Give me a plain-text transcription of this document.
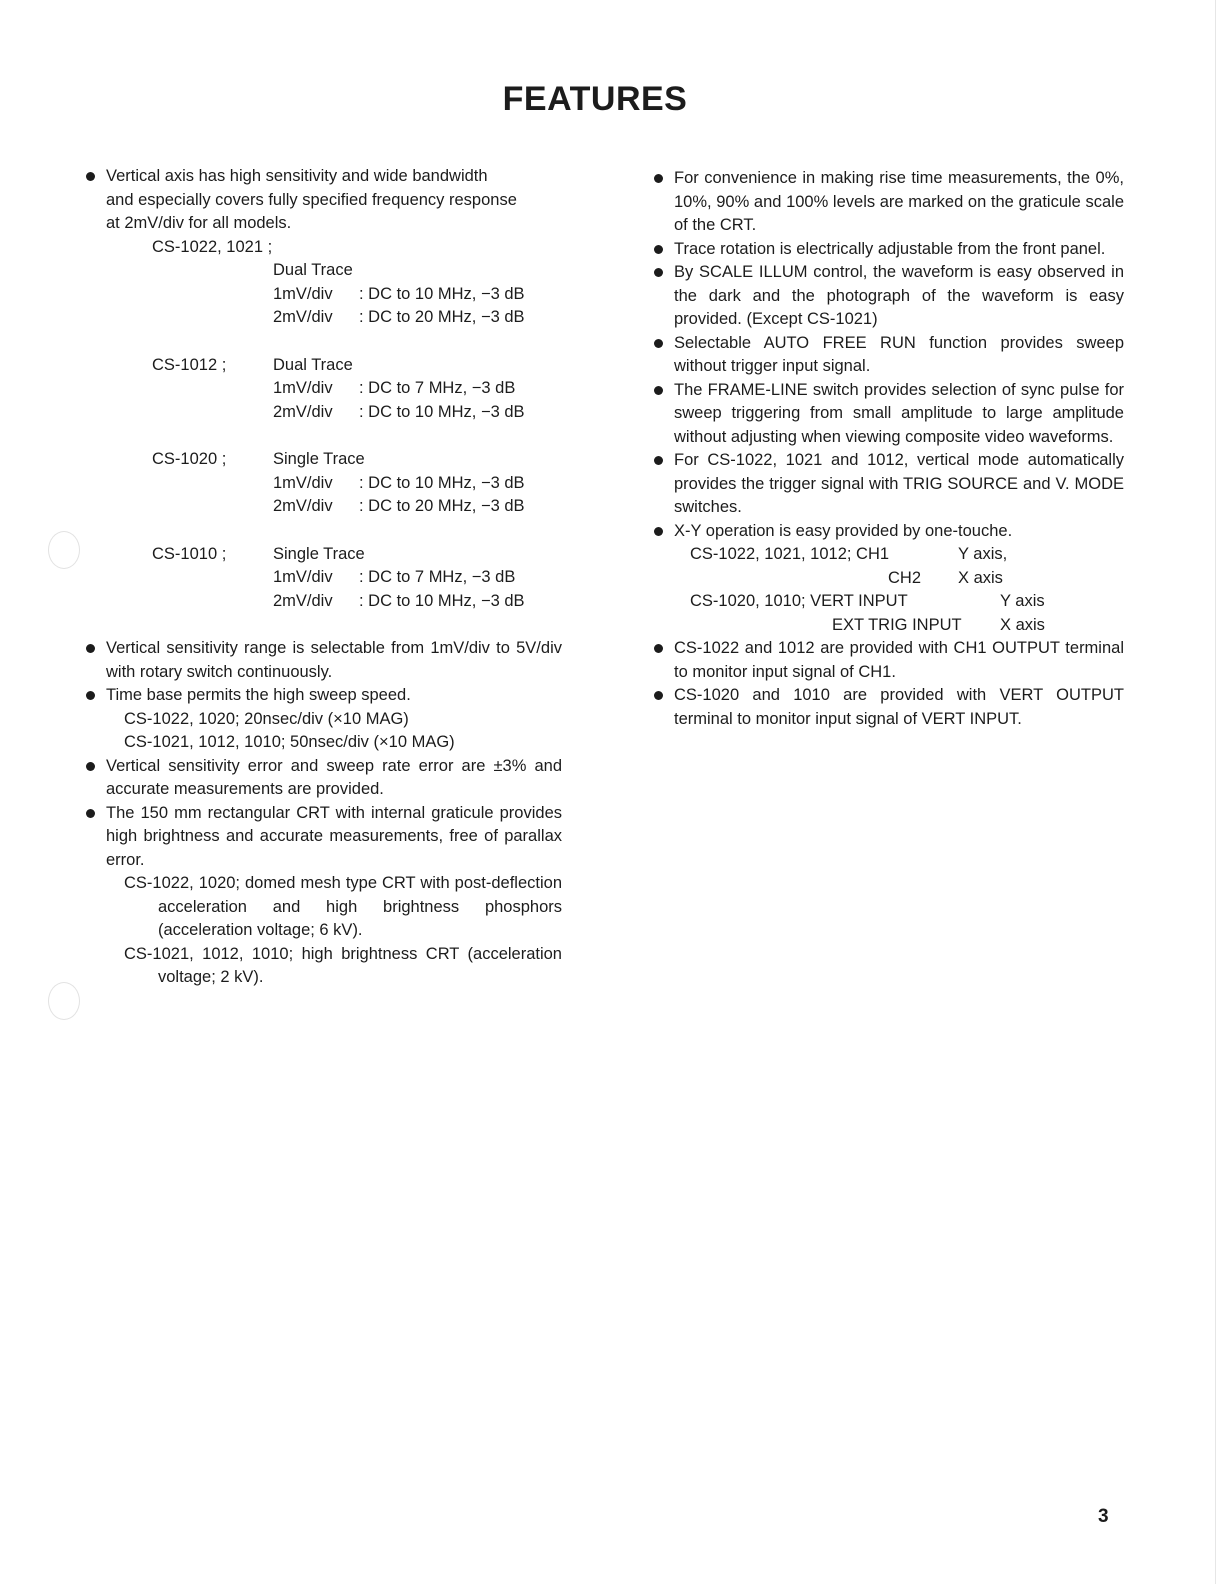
FEATURES
Vertical axis has high sensitivity and wide bandwidth
and especially covers fully specified frequency response
at 2mV/div for all models.
CS-1022, 1021 ;
Dual Trace
1mV/div	: DC to 10 MHz, −3 dB
2mV/div	: DC to 20 MHz, −3 dB
CS-1012 ;	Dual Trace
1mV/div	: DC to 7 MHz, −3 dB
2mV/div	: DC to 10 MHz, −3 dB
CS-1020 ;	Single Trace
1mV/div	: DC to 10 MHz, −3 dB
2mV/div	: DC to 20 MHz, −3 dB
CS-1010 ;	Single Trace
1mV/div	: DC to 7 MHz, −3 dB
2mV/div	: DC to 10 MHz, −3 dB
Vertical sensitivity range is selectable from 1mV/div to 5V/div with rotary switch continuously.
Time base permits the high sweep speed.
CS-1022, 1020; 20nsec/div (×10 MAG)
CS-1021, 1012, 1010; 50nsec/div (×10 MAG)
Vertical sensitivity error and sweep rate error are ±3% and accurate measurements are provided.
The 150 mm rectangular CRT with internal graticule provides high brightness and accurate measurements, free of parallax error.
CS-1022, 1020; domed mesh type CRT with post-deflection acceleration and high brightness phosphors (acceleration voltage; 6 kV).
CS-1021, 1012, 1010; high brightness CRT (acceleration voltage; 2 kV).
For convenience in making rise time measurements, the 0%, 10%, 90% and 100% levels are marked on the graticule scale of the CRT.
Trace rotation is electrically adjustable from the front panel.
By SCALE ILLUM control, the waveform is easy observed in the dark and the photograph of the waveform is easy provided. (Except CS-1021)
Selectable AUTO FREE RUN function provides sweep without trigger input signal.
The FRAME-LINE switch provides selection of sync pulse for sweep triggering from small amplitude to large amplitude without adjusting when viewing composite video waveforms.
For CS-1022, 1021 and 1012, vertical mode automatically provides the trigger signal with TRIG SOURCE and V. MODE switches.
X-Y operation is easy provided by one-touche.
CS-1022, 1021, 1012; CH1	Y axis,
CH2	X axis
CS-1020, 1010; VERT INPUT	Y axis
EXT TRIG INPUT	X axis
CS-1022 and 1012 are provided with CH1 OUTPUT terminal to monitor input signal of CH1.
CS-1020 and 1010 are provided with VERT OUTPUT terminal to monitor input signal of VERT INPUT.
3
